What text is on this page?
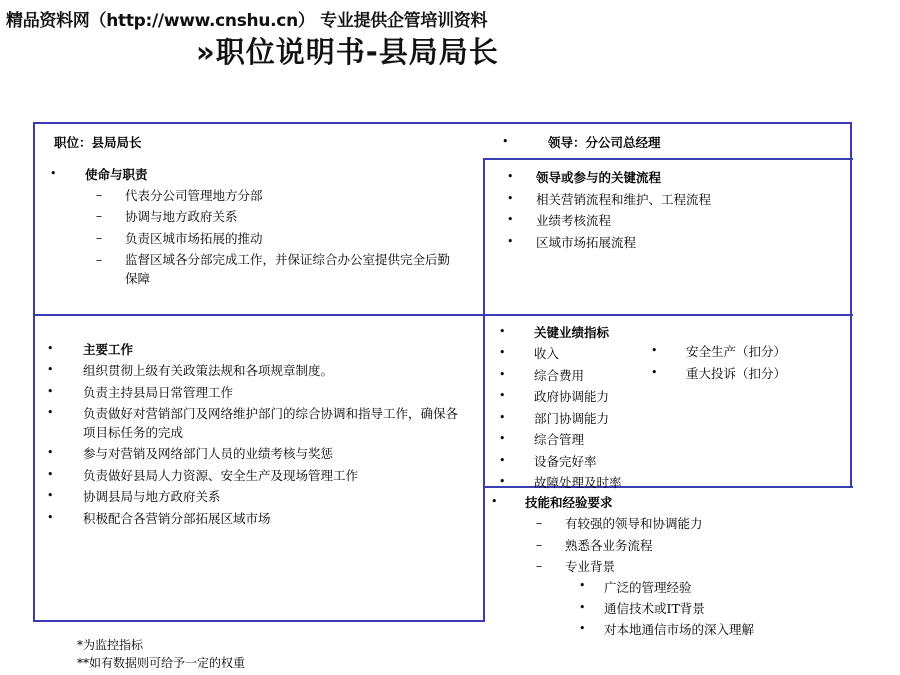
精品资料网（http://www.cnshu.cn） 专业提供企管培训资料
»职位说明书-县局局长
职位：县局局长	•	领导：分公司总经理
• 使命与职责
– 代表分公司管理地方分部
– 协调与地方政府关系
– 负责区城市场拓展的推动
– 监督区域各分部完成工作，并保证综合办公室提供完全后勤保障
• 领导或参与的关键流程
• 相关营销流程和维护、工程流程
• 业绩考核流程
• 区域市场拓展流程
• 主要工作
• 组织贯彻上级有关政策法规和各项规章制度。
• 负责主持县局日常管理工作
• 负责做好对营销部门及网络维护部门的综合协调和指导工作，确保各项目标任务的完成
• 参与对营销及网络部门人员的业绩考核与奖惩
• 负责做好县局人力资源、安全生产及现场管理工作
• 协调县局与地方政府关系
• 积极配合各营销分部拓展区域市场
• 关键业绩指标
• 收入
• 综合费用
• 政府协调能力
• 部门协调能力
• 综合管理
• 设备完好率
• 故障处理及时率
• 安全生产（扣分）
• 重大投诉（扣分）
• 技能和经验要求
– 有较强的领导和协调能力
– 熟悉各业务流程
– 专业背景
• 广泛的管理经验
• 通信技术或IT背景
• 对本地通信市场的深入理解
*为监控指标
**如有数据则可给予一定的权重
